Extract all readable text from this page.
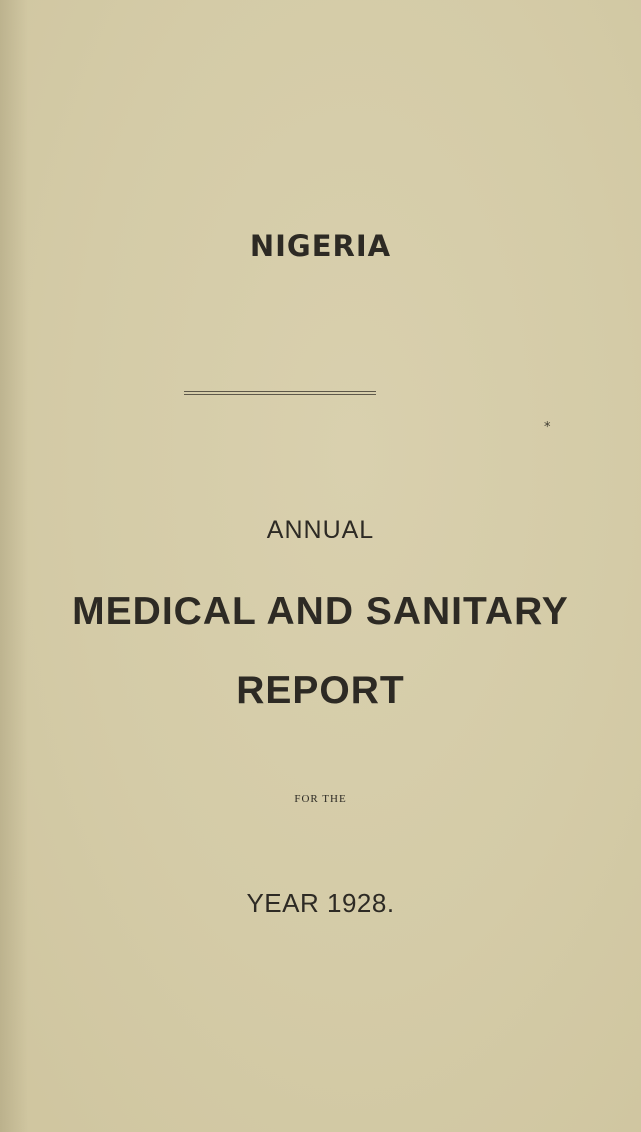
NIGERIA
*

ANNUAL

MEDICAL AND SANITARY
REPORT

FOR THE

YEAR 1928.
